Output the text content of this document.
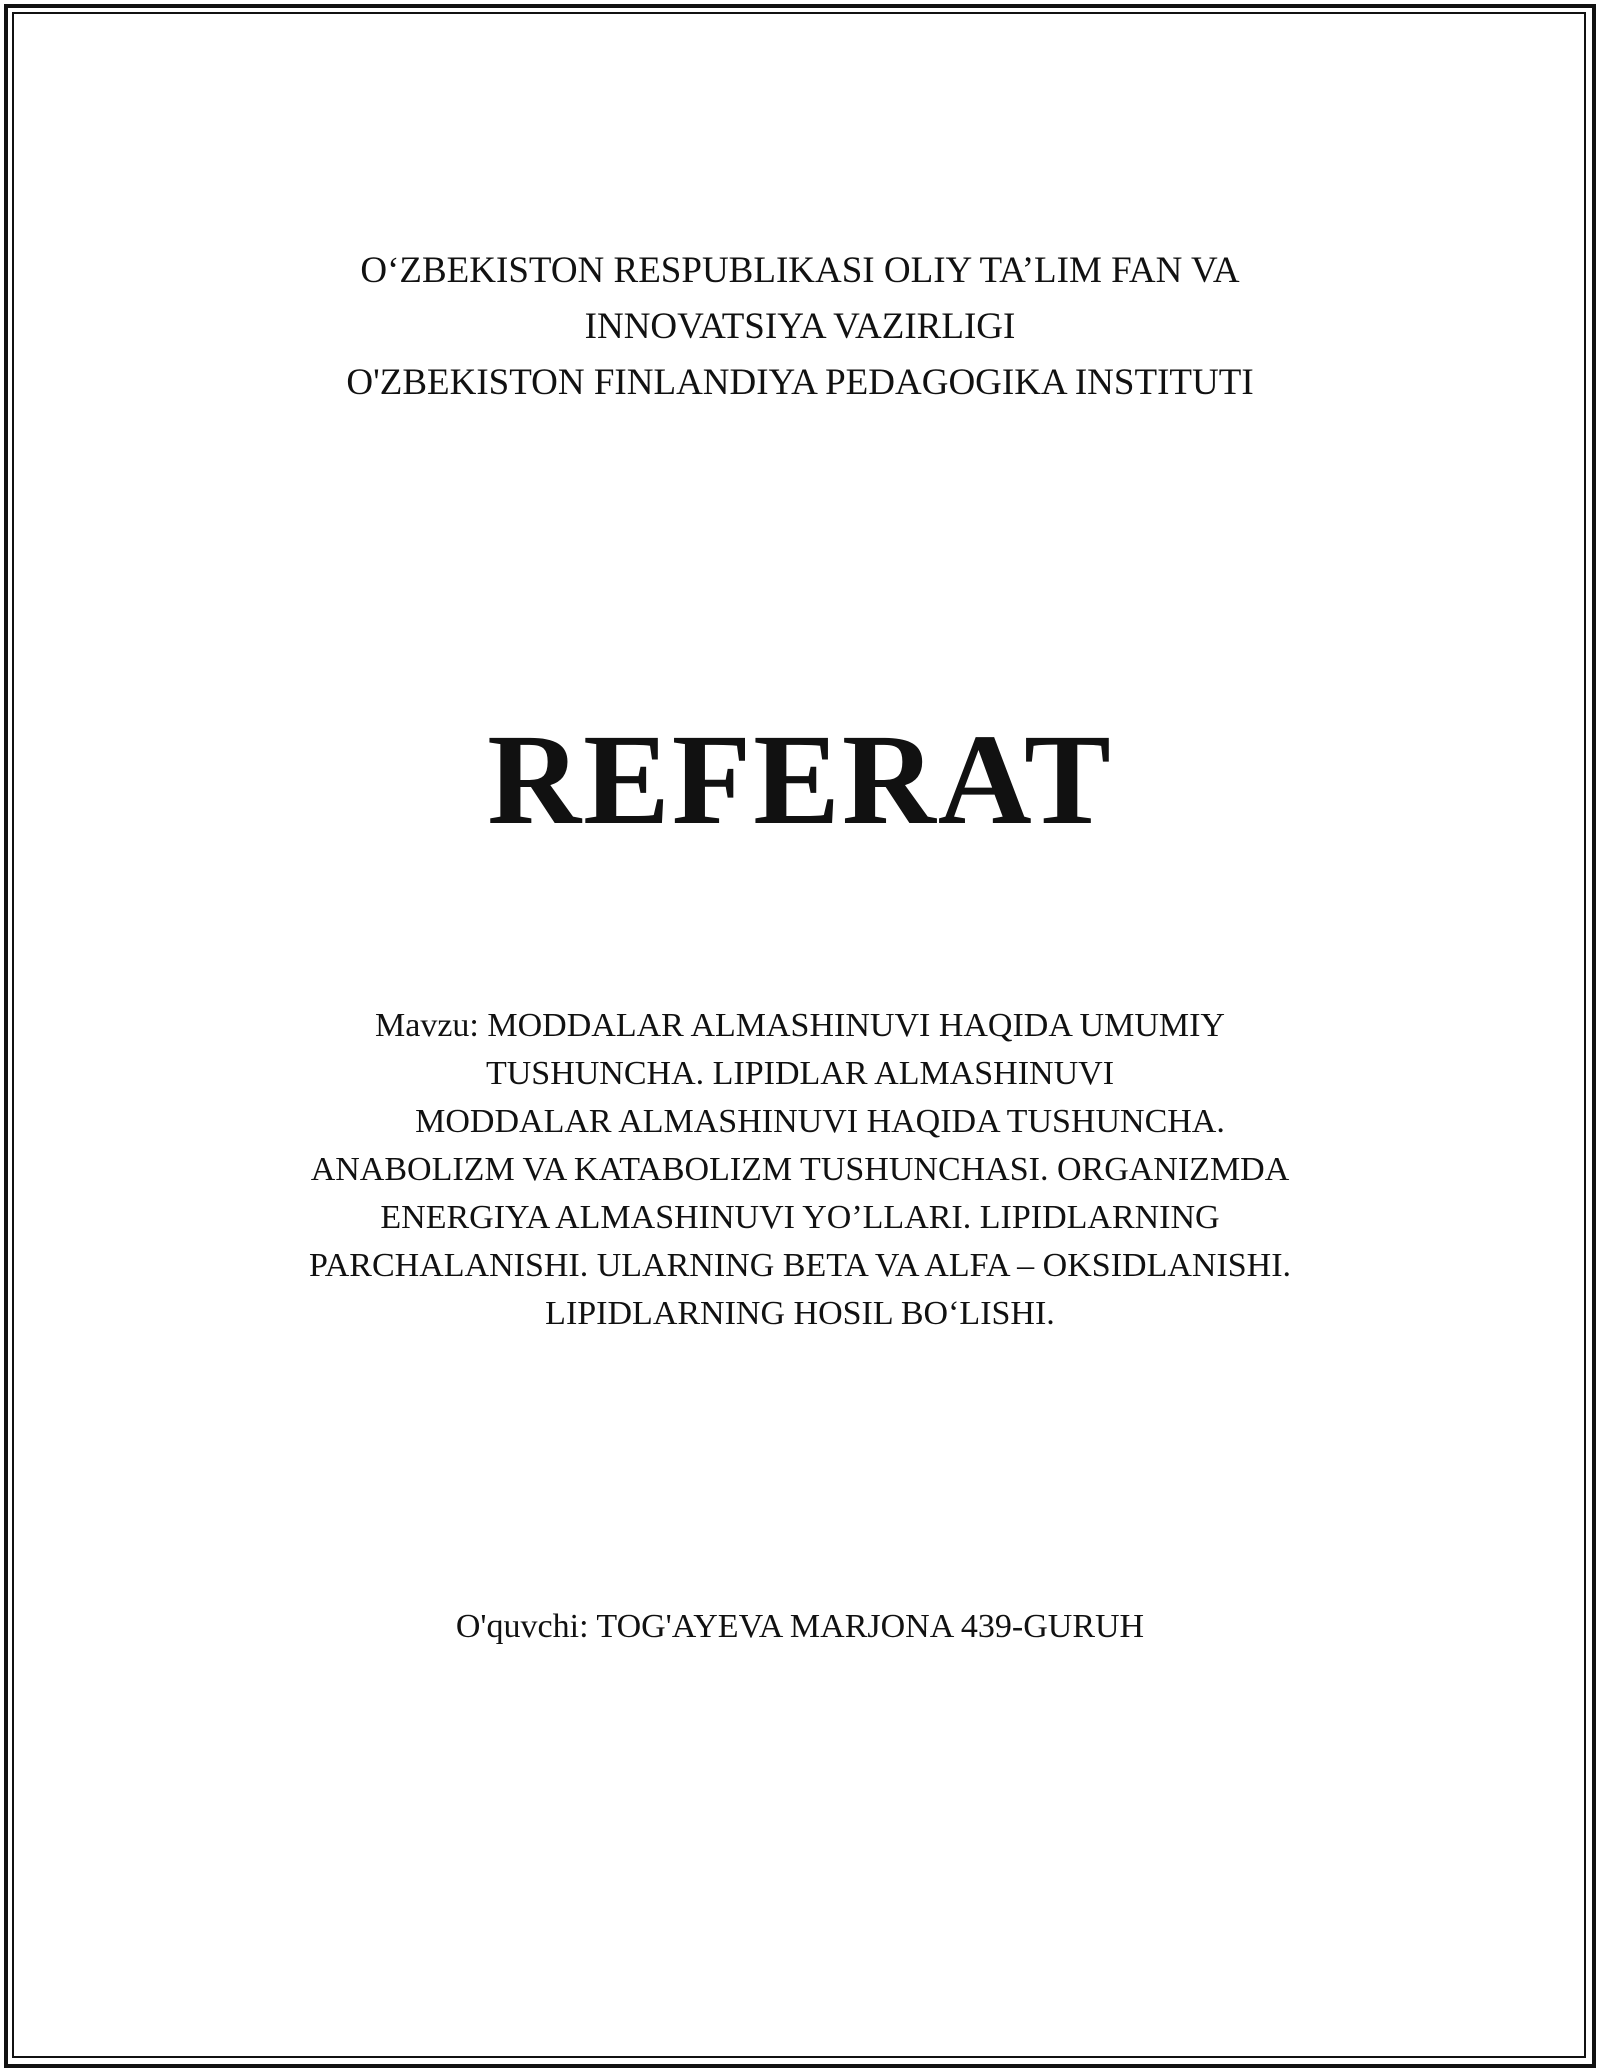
O‘ZBEKISTON RESPUBLIKASI OLIY TA’LIM FAN VA
INNOVATSIYA VAZIRLIGI
O'ZBEKISTON FINLANDIYA PEDAGOGIKA INSTITUTI
REFERAT
Mavzu: MODDALAR ALMASHINUVI HAQIDA UMUMIY
TUSHUNCHA. LIPIDLAR ALMASHINUVI
MODDALAR ALMASHINUVI HAQIDA TUSHUNCHA.
ANABOLIZM VA KATABOLIZM TUSHUNCHASI. ORGANIZMDA
ENERGIYA ALMASHINUVI YO’LLARI. LIPIDLARNING
PARCHALANISHI. ULARNING BETA VA ALFA – OKSIDLANISHI.
LIPIDLARNING HOSIL BO‘LISHI.
O'quvchi: TOG'AYEVA MARJONA 439-GURUH
